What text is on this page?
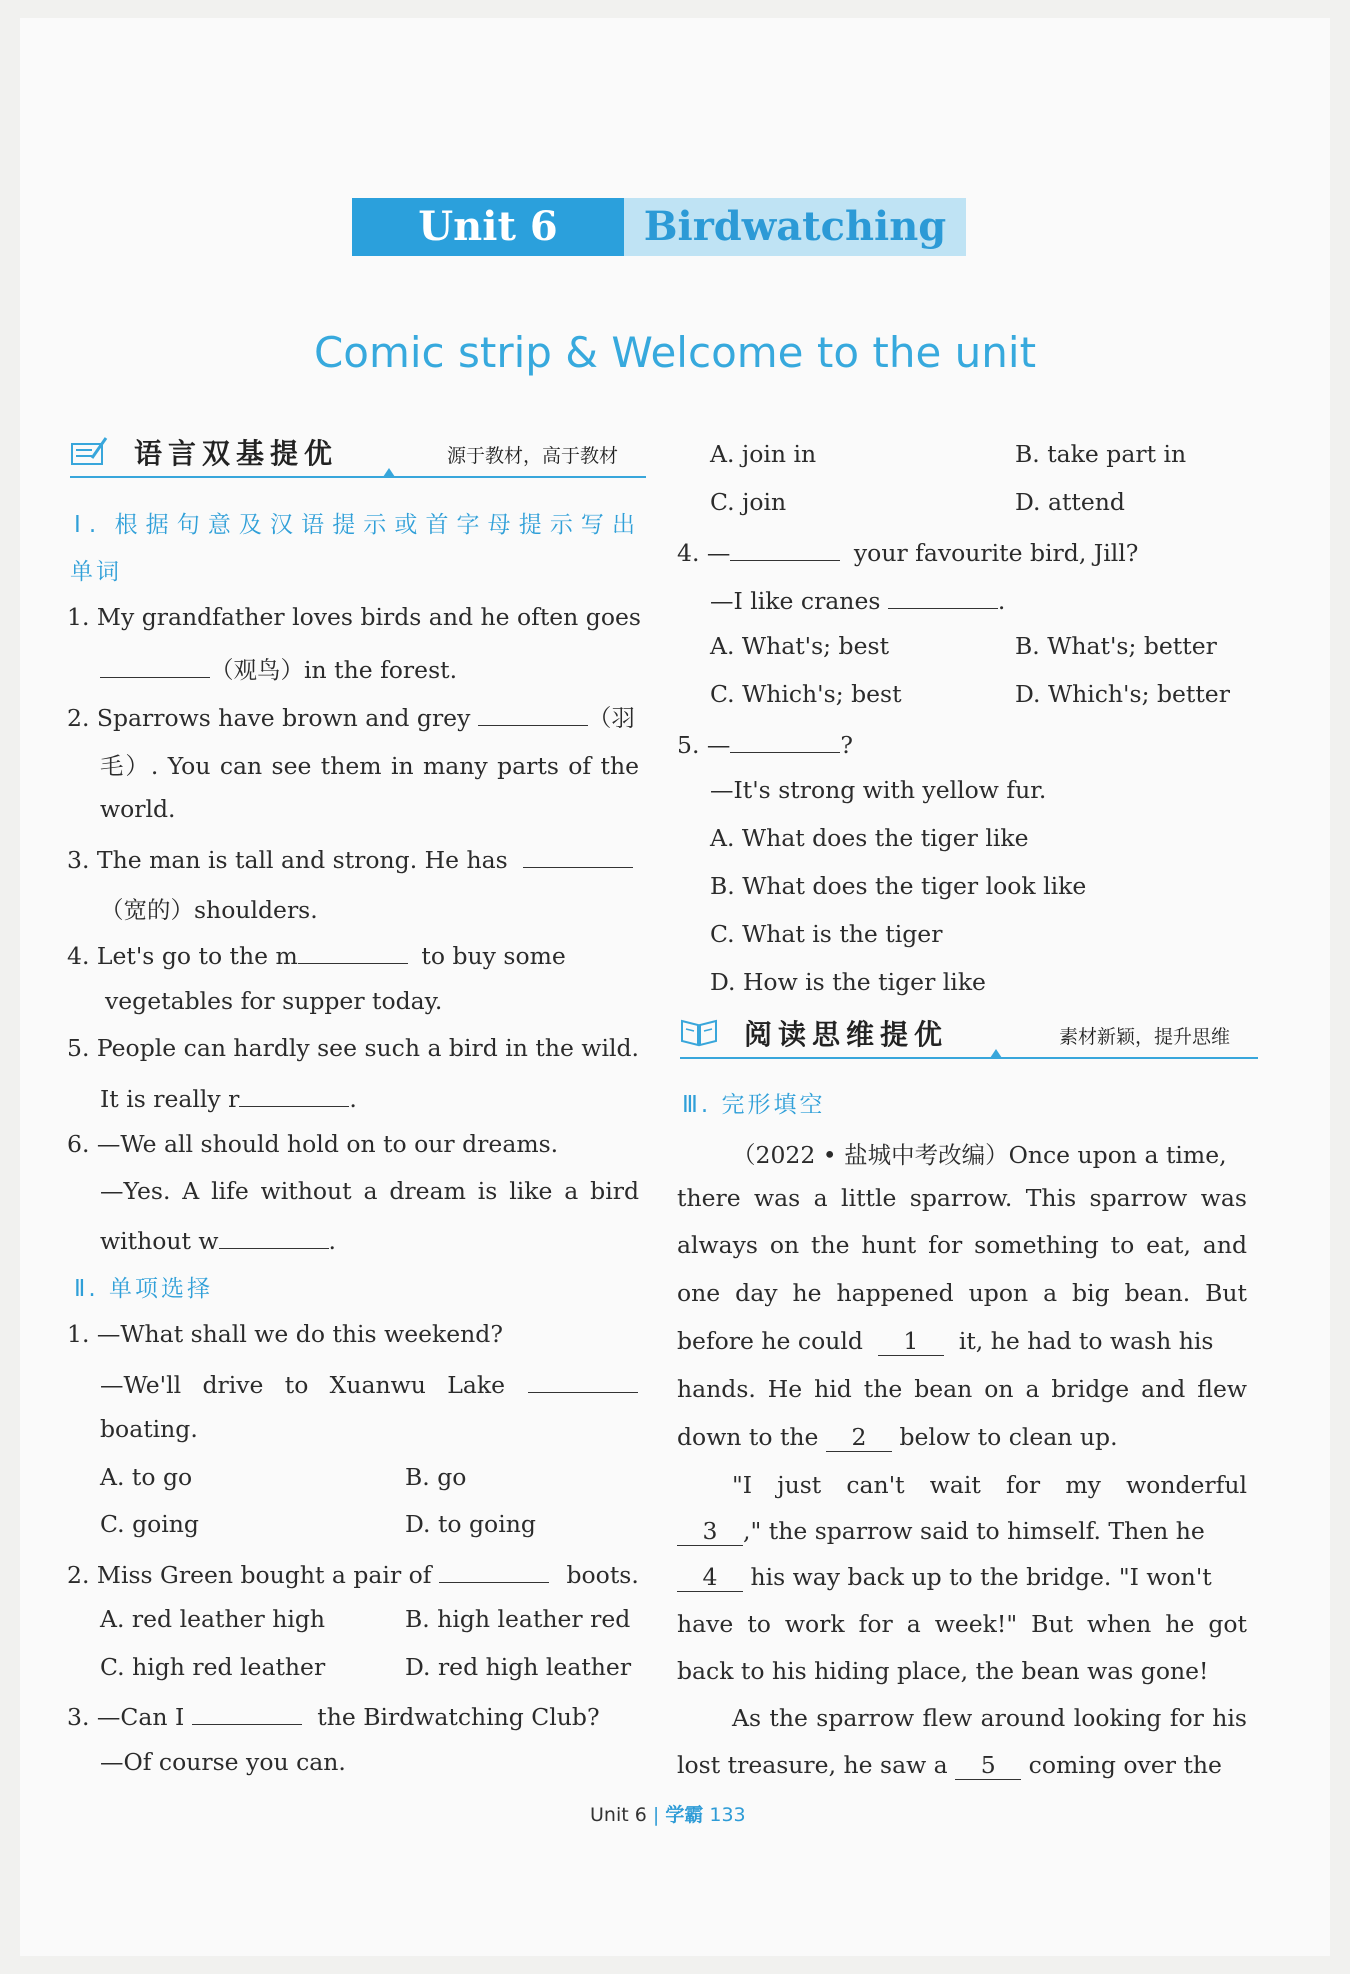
Unit 6	Birdwatching
Comic strip & Welcome to the unit
语言双基提优	源于教材，高于教材
Ⅰ. 根据句意及汉语提示或首字母提示写出
单词
1. My grandfather loves birds and he often goes
（观鸟）in the forest.
2. Sparrows have brown and grey	（羽
毛）. You can see them in many parts of the
world.
3. The man is tall and strong. He has
（宽的）shoulders.
4. Let's go to the m	to buy some
vegetables for supper today.
5. People can hardly see such a bird in the wild.
It is really r	.
6. —We all should hold on to our dreams.
—Yes. A life without a dream is like a bird
without w	.
Ⅱ. 单项选择
1. —What shall we do this weekend?
—We'll drive to Xuanwu Lake
boating.
A. to go	B. go
C. going	D. to going
2. Miss Green bought a pair of	boots.
A. red leather high	B. high leather red
C. high red leather	D. red high leather
3. —Can I	the Birdwatching Club?
—Of course you can.
A. join in	B. take part in
C. join	D. attend
4. —	your favourite bird, Jill?
—I like cranes	.
A. What's; best	B. What's; better
C. Which's; best	D. Which's; better
5. —	?
—It's strong with yellow fur.
A. What does the tiger like
B. What does the tiger look like
C. What is the tiger
D. How is the tiger like
阅读思维提优	素材新颖，提升思维
Ⅲ. 完形填空
（2022 • 盐城中考改编）Once upon a time,
there was a little sparrow. This sparrow was
always on the hunt for something to eat, and
one day he happened upon a big bean. But
before he could 1 it, he had to wash his
hands. He hid the bean on a bridge and flew
down to the 2 below to clean up.
"I just can't wait for my wonderful
3 ," the sparrow said to himself. Then he
4 his way back up to the bridge. "I won't
have to work for a week!" But when he got
back to his hiding place, the bean was gone!
As the sparrow flew around looking for his
lost treasure, he saw a 5 coming over the
Unit 6 | 学霸 133
